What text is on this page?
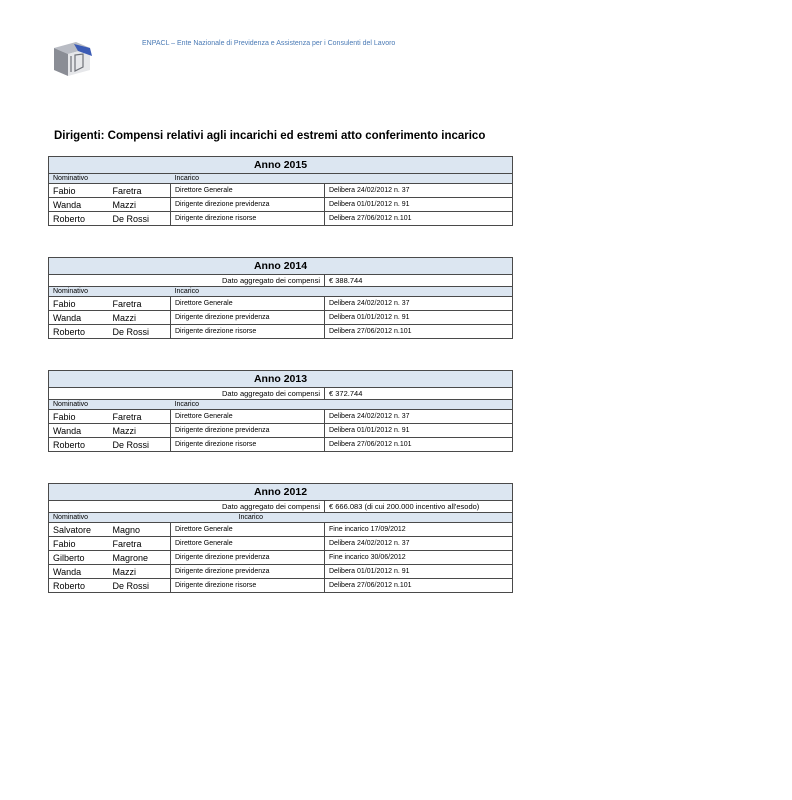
ENPACL – Ente Nazionale di Previdenza e Assistenza per i Consulenti del Lavoro
Dirigenti: Compensi relativi agli incarichi ed estremi atto conferimento incarico
Anno 2015			
Nominativo		Incarico	
Fabio	Faretra	Direttore Generale	Delibera 24/02/2012 n. 37
Wanda	Mazzi	Dirigente direzione previdenza	Delibera 01/01/2012 n. 91
Roberto	De Rossi	Dirigente direzione risorse	Delibera 27/06/2012 n.101
Anno 2014			
Dato aggregato dei compensi			€ 388.744
Nominativo		Incarico	
Fabio	Faretra	Direttore Generale	Delibera 24/02/2012 n. 37
Wanda	Mazzi	Dirigente direzione previdenza	Delibera 01/01/2012 n. 91
Roberto	De Rossi	Dirigente direzione risorse	Delibera 27/06/2012 n.101
Anno 2013			
Dato aggregato dei compensi			€ 372.744
Nominativo		Incarico	
Fabio	Faretra	Direttore Generale	Delibera 24/02/2012 n. 37
Wanda	Mazzi	Dirigente direzione previdenza	Delibera 01/01/2012 n. 91
Roberto	De Rossi	Dirigente direzione risorse	Delibera 27/06/2012 n.101
Anno 2012				
Dato aggregato dei compensi				€ 666.083 (di cui 200.000 incentivo all'esodo)
Nominativo			Incarico	
Salvatore	Magno	Direttore Generale		Fine incarico 17/09/2012
Fabio	Faretra	Direttore Generale		Delibera 24/02/2012 n. 37
Gilberto	Magrone	Dirigente direzione previdenza		Fine incarico 30/06/2012
Wanda	Mazzi	Dirigente direzione previdenza		Delibera 01/01/2012 n. 91
Roberto	De Rossi	Dirigente direzione risorse		Delibera 27/06/2012 n.101
